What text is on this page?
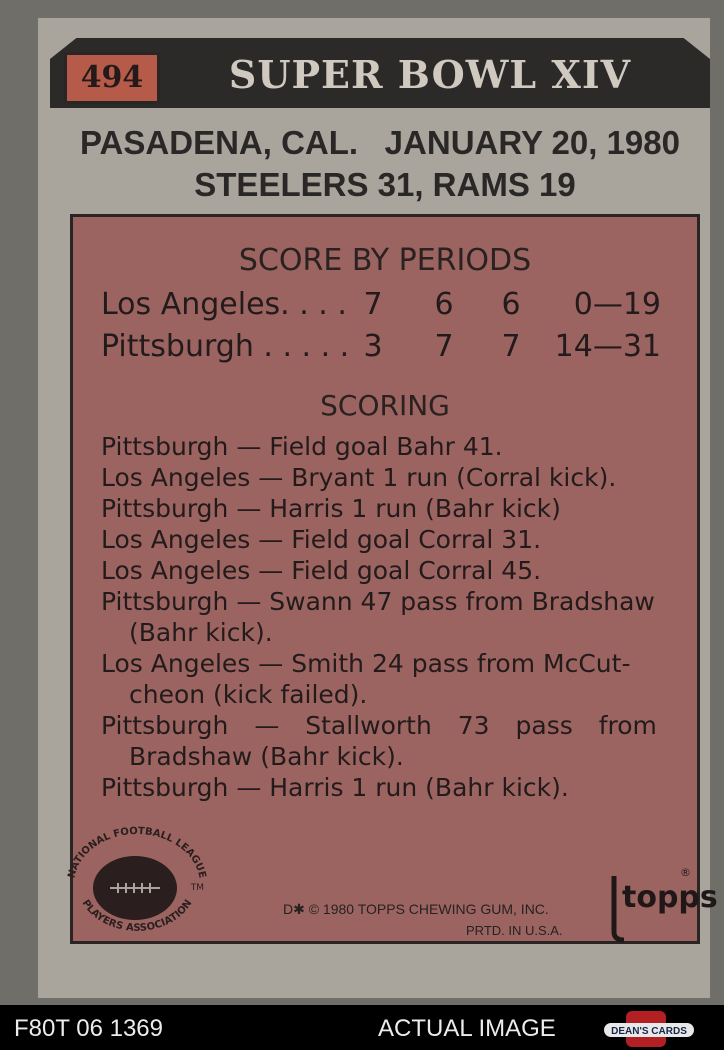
494	SUPER BOWL XIV
PASADENA, CAL. JANUARY 20, 1980
STEELERS 31, RAMS 19
SCORE BY PERIODS
Los Angeles. . . . 7	6	6	0—19
Pittsburgh . . . . . 3	7	7	14—31
SCORING
Pittsburgh — Field goal Bahr 41.
Los Angeles — Bryant 1 run (Corral kick).
Pittsburgh — Harris 1 run (Bahr kick)
Los Angeles — Field goal Corral 31.
Los Angeles — Field goal Corral 45.
Pittsburgh — Swann 47 pass from Bradshaw
(Bahr kick).
Los Angeles — Smith 24 pass from McCut-
cheon (kick failed).
Pittsburgh — Stallworth 73 pass from
Bradshaw (Bahr kick).
Pittsburgh — Harris 1 run (Bahr kick).
NATIONAL FOOTBALL LEAGUE
PLAYERS ASSOCIATION
TM	topps
®
D✱ © 1980 TOPPS CHEWING GUM, INC.
PRTD. IN U.S.A.
F80T 06 1369	ACTUAL IMAGE	DEAN'S CARDS
